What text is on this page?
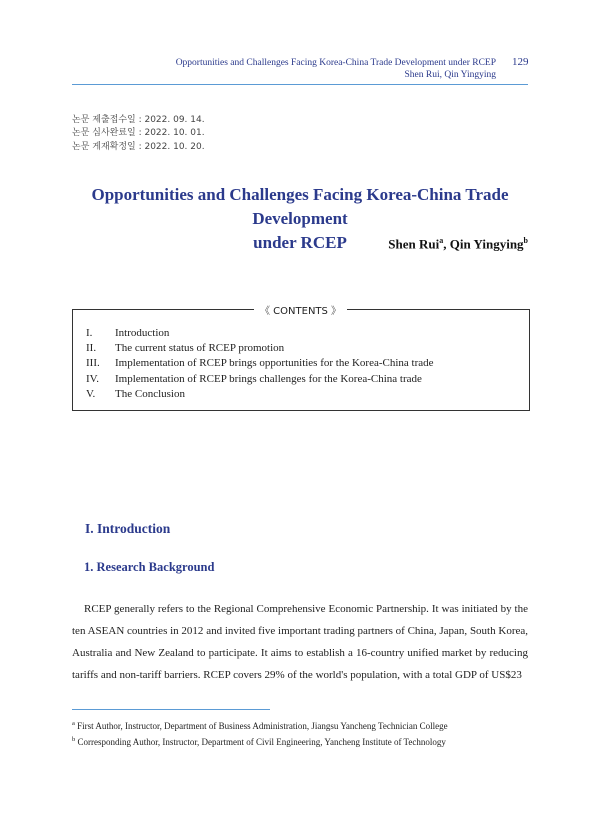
Opportunities and Challenges Facing Korea-China Trade Development under RCEP
Shen Rui, Qin Yingying
129
논문 제출접수일 : 2022. 09. 14.
논문 심사완료일 : 2022. 10. 01.
논문 게재확정일 : 2022. 10. 20.
Opportunities and Challenges Facing Korea-China Trade Development
under RCEP	Shen Rui$^a$, Qin Yingying$^b$
《 CONTENTS 》
I. Introduction
II. The current status of RCEP promotion
III. Implementation of RCEP brings opportunities for the Korea-China trade
IV. Implementation of RCEP brings challenges for the Korea-China trade
V. The Conclusion
I. Introduction
1. Research Background
RCEP generally refers to the Regional Comprehensive Economic Partnership. It was initiated by the ten ASEAN countries in 2012 and invited five important trading partners of China, Japan, South Korea, Australia and New Zealand to participate. It aims to establish a 16-country unified market by reducing tariffs and non-tariff barriers. RCEP covers 29% of the world's population, with a total GDP of US$23
$^a$ First Author, Instructor, Department of Business Administration, Jiangsu Yancheng Technician College
$^b$ Corresponding Author, Instructor, Department of Civil Engineering, Yancheng Institute of Technology
